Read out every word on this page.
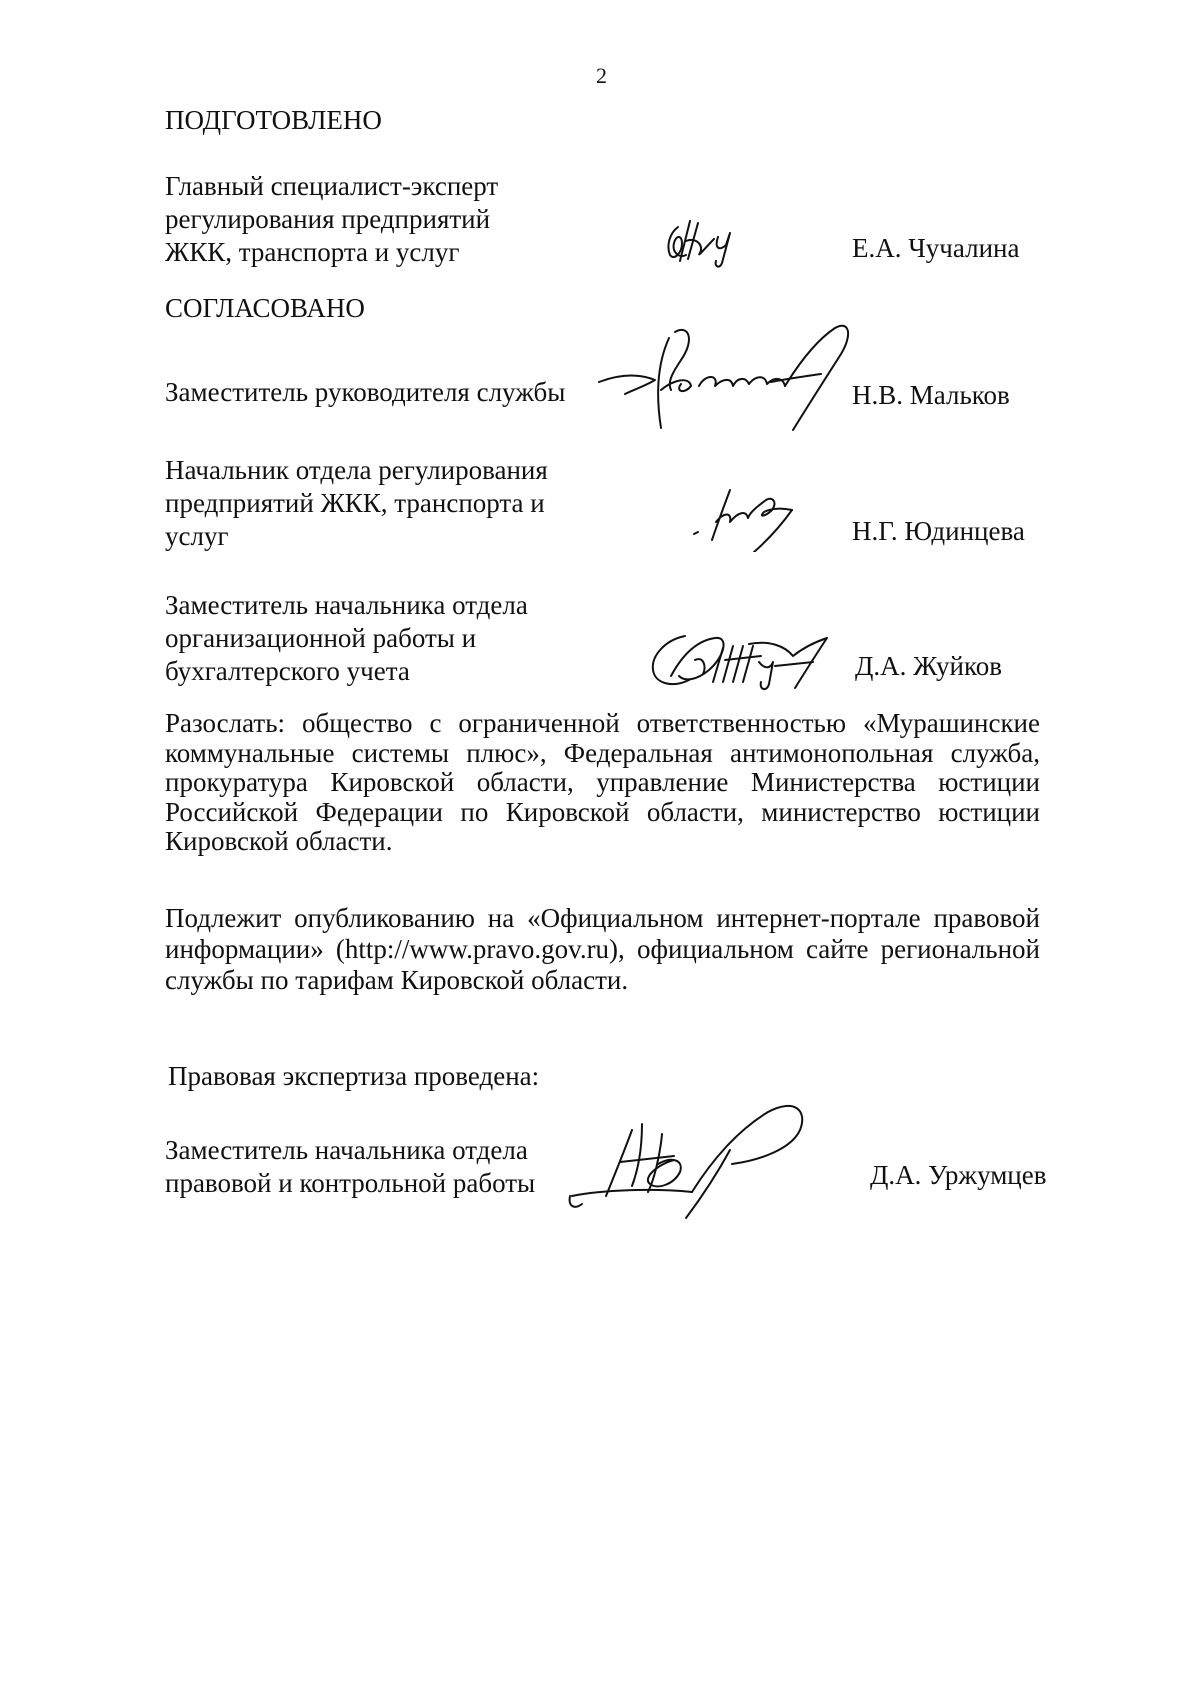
2
ПОДГОТОВЛЕНО
Главный специалист-эксперт
регулирования предприятий
ЖКК, транспорта и услуг	Е.А. Чучалина
СОГЛАСОВАНО
Заместитель руководителя службы	Н.В. Мальков
Начальник отдела регулирования
предприятий ЖКК, транспорта и
услуг	Н.Г. Юдинцева
Заместитель начальника отдела
организационной работы и
бухгалтерского учета	Д.А. Жуйков
Разослать: общество с ограниченной ответственностью «Мурашинские
коммунальные системы плюс», Федеральная антимонопольная служба,
прокуратура Кировской области, управление Министерства юстиции
Российской Федерации по Кировской области, министерство юстиции
Кировской области.
Подлежит опубликованию на «Официальном интернет-портале правовой
информации» (http://www.pravo.gov.ru), официальном сайте региональной
службы по тарифам Кировской области.
Правовая экспертиза проведена:
Заместитель начальника отдела
правовой и контрольной работы	Д.А. Уржумцев
